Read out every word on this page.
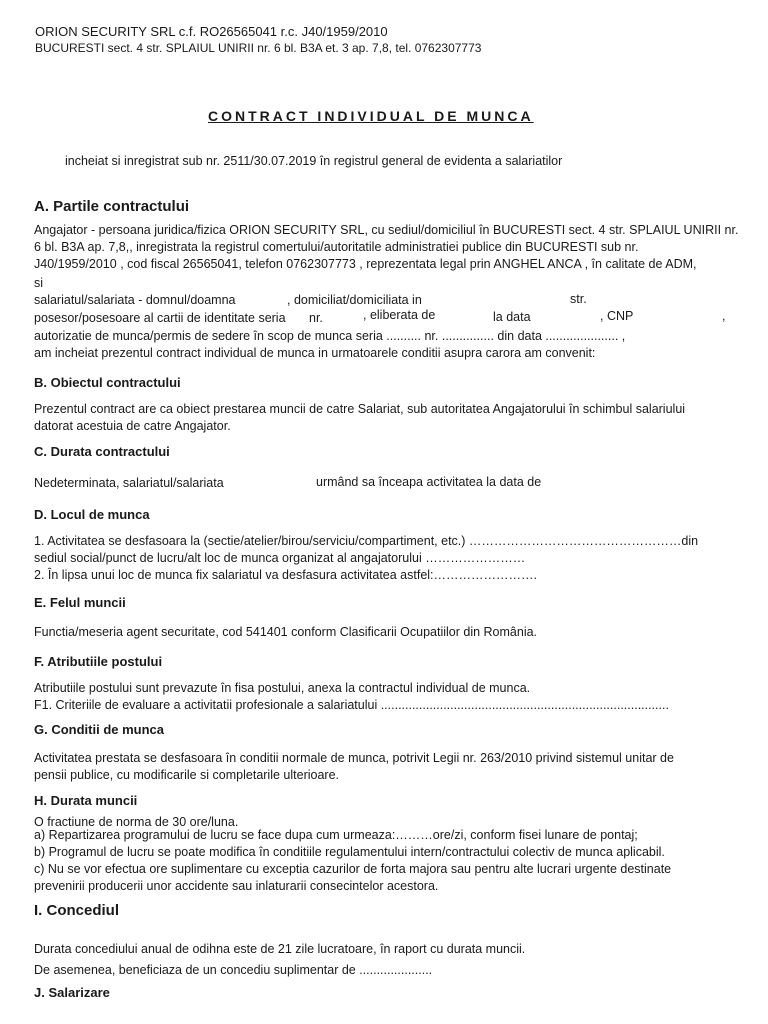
ORION SECURITY SRL c.f. RO26565041 r.c. J40/1959/2010
BUCURESTI sect. 4 str. SPLAIUL UNIRII nr. 6 bl. B3A et. 3 ap. 7,8, tel. 0762307773
CONTRACT INDIVIDUAL DE MUNCA
incheiat si inregistrat sub nr. 2511/30.07.2019 în registrul general de evidenta a salariatilor
A. Partile contractului
Angajator - persoana juridica/fizica ORION SECURITY SRL, cu sediul/domiciliul în BUCURESTI sect. 4 str. SPLAIUL UNIRII nr.
6 bl. B3A ap. 7,8,, inregistrata la registrul comertului/autoritatile administratiei publice din BUCURESTI sub nr.
J40/1959/2010 , cod fiscal 26565041, telefon 0762307773 , reprezentata legal prin ANGHEL ANCA , în calitate de ADM,
si
salariatul/salariata - domnul/doamna	, domiciliat/domiciliata in	str.
posesor/posesoare al cartii de identitate seria nr.	, eliberata de	la data	, CNP	,
autorizatie de munca/permis de sedere în scop de munca seria .......... nr. ............... din data ..................... ,
am incheiat prezentul contract individual de munca in urmatoarele conditii asupra carora am convenit:
B. Obiectul contractului
Prezentul contract are ca obiect prestarea muncii de catre Salariat, sub autoritatea Angajatorului în schimbul salariului
datorat acestuia de catre Angajator.
C. Durata contractului
Nedeterminata, salariatul/salariata	urmând sa înceapa activitatea la data de
D. Locul de munca
1. Activitatea se desfasoara la (sectie/atelier/birou/serviciu/compartiment, etc.) ……………………………………………din
sediul social/punct de lucru/alt loc de munca organizat al angajatorului ……………………
2. În lipsa unui loc de munca fix salariatul va desfasura activitatea astfel:…………………….
E. Felul muncii
Functia/meseria agent securitate, cod 541401 conform Clasificarii Ocupatiilor din România.
F. Atributiile postului
Atributiile postului sunt prevazute în fisa postului, anexa la contractul individual de munca.
F1. Criteriile de evaluare a activitatii profesionale a salariatului ...................................................................................
G. Conditii de munca
Activitatea prestata se desfasoara în conditii normale de munca, potrivit Legii nr. 263/2010 privind sistemul unitar de
pensii publice, cu modificarile si completarile ulterioare.
H. Durata muncii
O fractiune de norma de 30 ore/luna.
a) Repartizarea programului de lucru se face dupa cum urmeaza:………ore/zi, conform fisei lunare de pontaj;
b) Programul de lucru se poate modifica în conditiile regulamentului intern/contractului colectiv de munca aplicabil.
c) Nu se vor efectua ore suplimentare cu exceptia cazurilor de forta majora sau pentru alte lucrari urgente destinate
prevenirii producerii unor accidente sau inlaturarii consecintelor acestora.
I. Concediul
Durata concediului anual de odihna este de 21 zile lucratoare, în raport cu durata muncii.
De asemenea, beneficiaza de un concediu suplimentar de .....................
J. Salarizare
